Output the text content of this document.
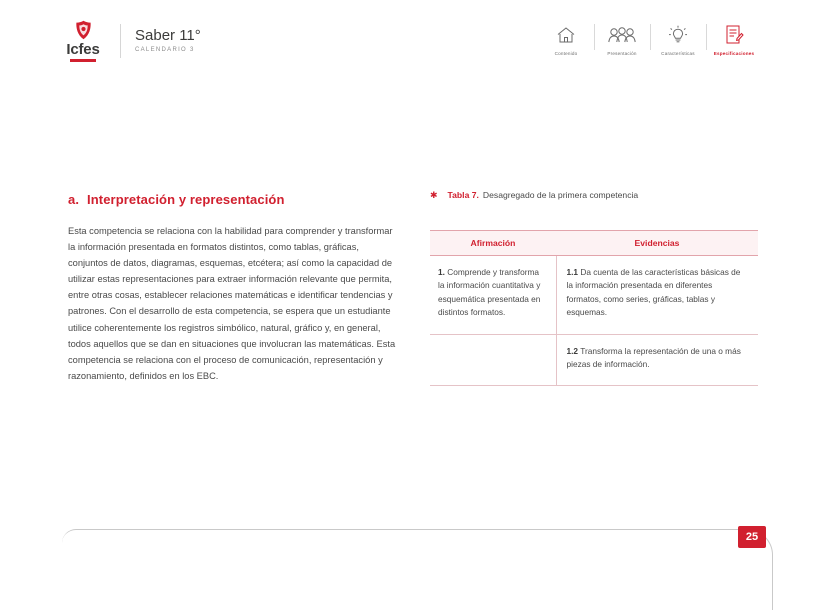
Icfes
Saber 11°
CALENDARIO 3
Contenido	Presentación	Características	Especificaciones
a. Interpretación y representación

Esta competencia se relaciona con la habilidad para comprender y transformar la información presentada en formatos distintos, como tablas, gráficas, conjuntos de datos, diagramas, esquemas, etcétera; así como la capacidad de utilizar estas representaciones para extraer información relevante que permita, entre otras cosas, establecer relaciones matemáticas e identificar tendencias y patrones. Con el desarrollo de esta competencia, se espera que un estudiante utilice coherentemente los registros simbólico, natural, gráfico y, en general, todos aquellos que se dan en situaciones que involucran las matemáticas. Esta competencia se relaciona con el proceso de comunicación, representación y razonamiento, definidos en los EBC.

✱ Tabla 7. Desagregado de la primera competencia
Afirmación	Evidencias
1. Comprende y transforma la información cuantitativa y esquemática presentada en distintos formatos.	1.1 Da cuenta de las características básicas de la información presentada en diferentes formatos, como series, gráficas, tablas y esquemas.
	1.2 Transforma la representación de una o más piezas de información.
25
